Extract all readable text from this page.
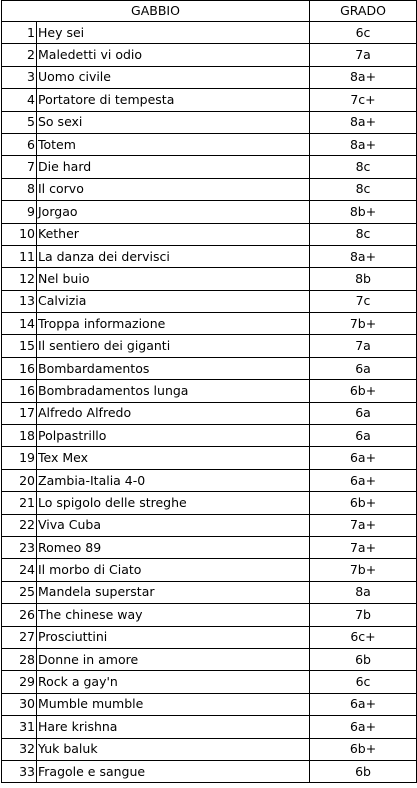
GABBIO		GRADO
1	Hey sei	6c
2	Maledetti vi odio	7a
3	Uomo civile	8a+
4	Portatore di tempesta	7c+
5	So sexi	8a+
6	Totem	8a+
7	Die hard	8c
8	Il corvo	8c
9	Jorgao	8b+
10	Kether	8c
11	La danza dei dervisci	8a+
12	Nel buio	8b
13	Calvizia	7c
14	Troppa informazione	7b+
15	Il sentiero dei giganti	7a
16	Bombardamentos	6a
16	Bombradamentos lunga	6b+
17	Alfredo Alfredo	6a
18	Polpastrillo	6a
19	Tex Mex	6a+
20	Zambia-Italia 4-0	6a+
21	Lo spigolo delle streghe	6b+
22	Viva Cuba	7a+
23	Romeo 89	7a+
24	Il morbo di Ciato	7b+
25	Mandela superstar	8a
26	The chinese way	7b
27	Prosciuttini	6c+
28	Donne in amore	6b
29	Rock a gay'n	6c
30	Mumble mumble	6a+
31	Hare krishna	6a+
32	Yuk baluk	6b+
33	Fragole e sangue	6b
